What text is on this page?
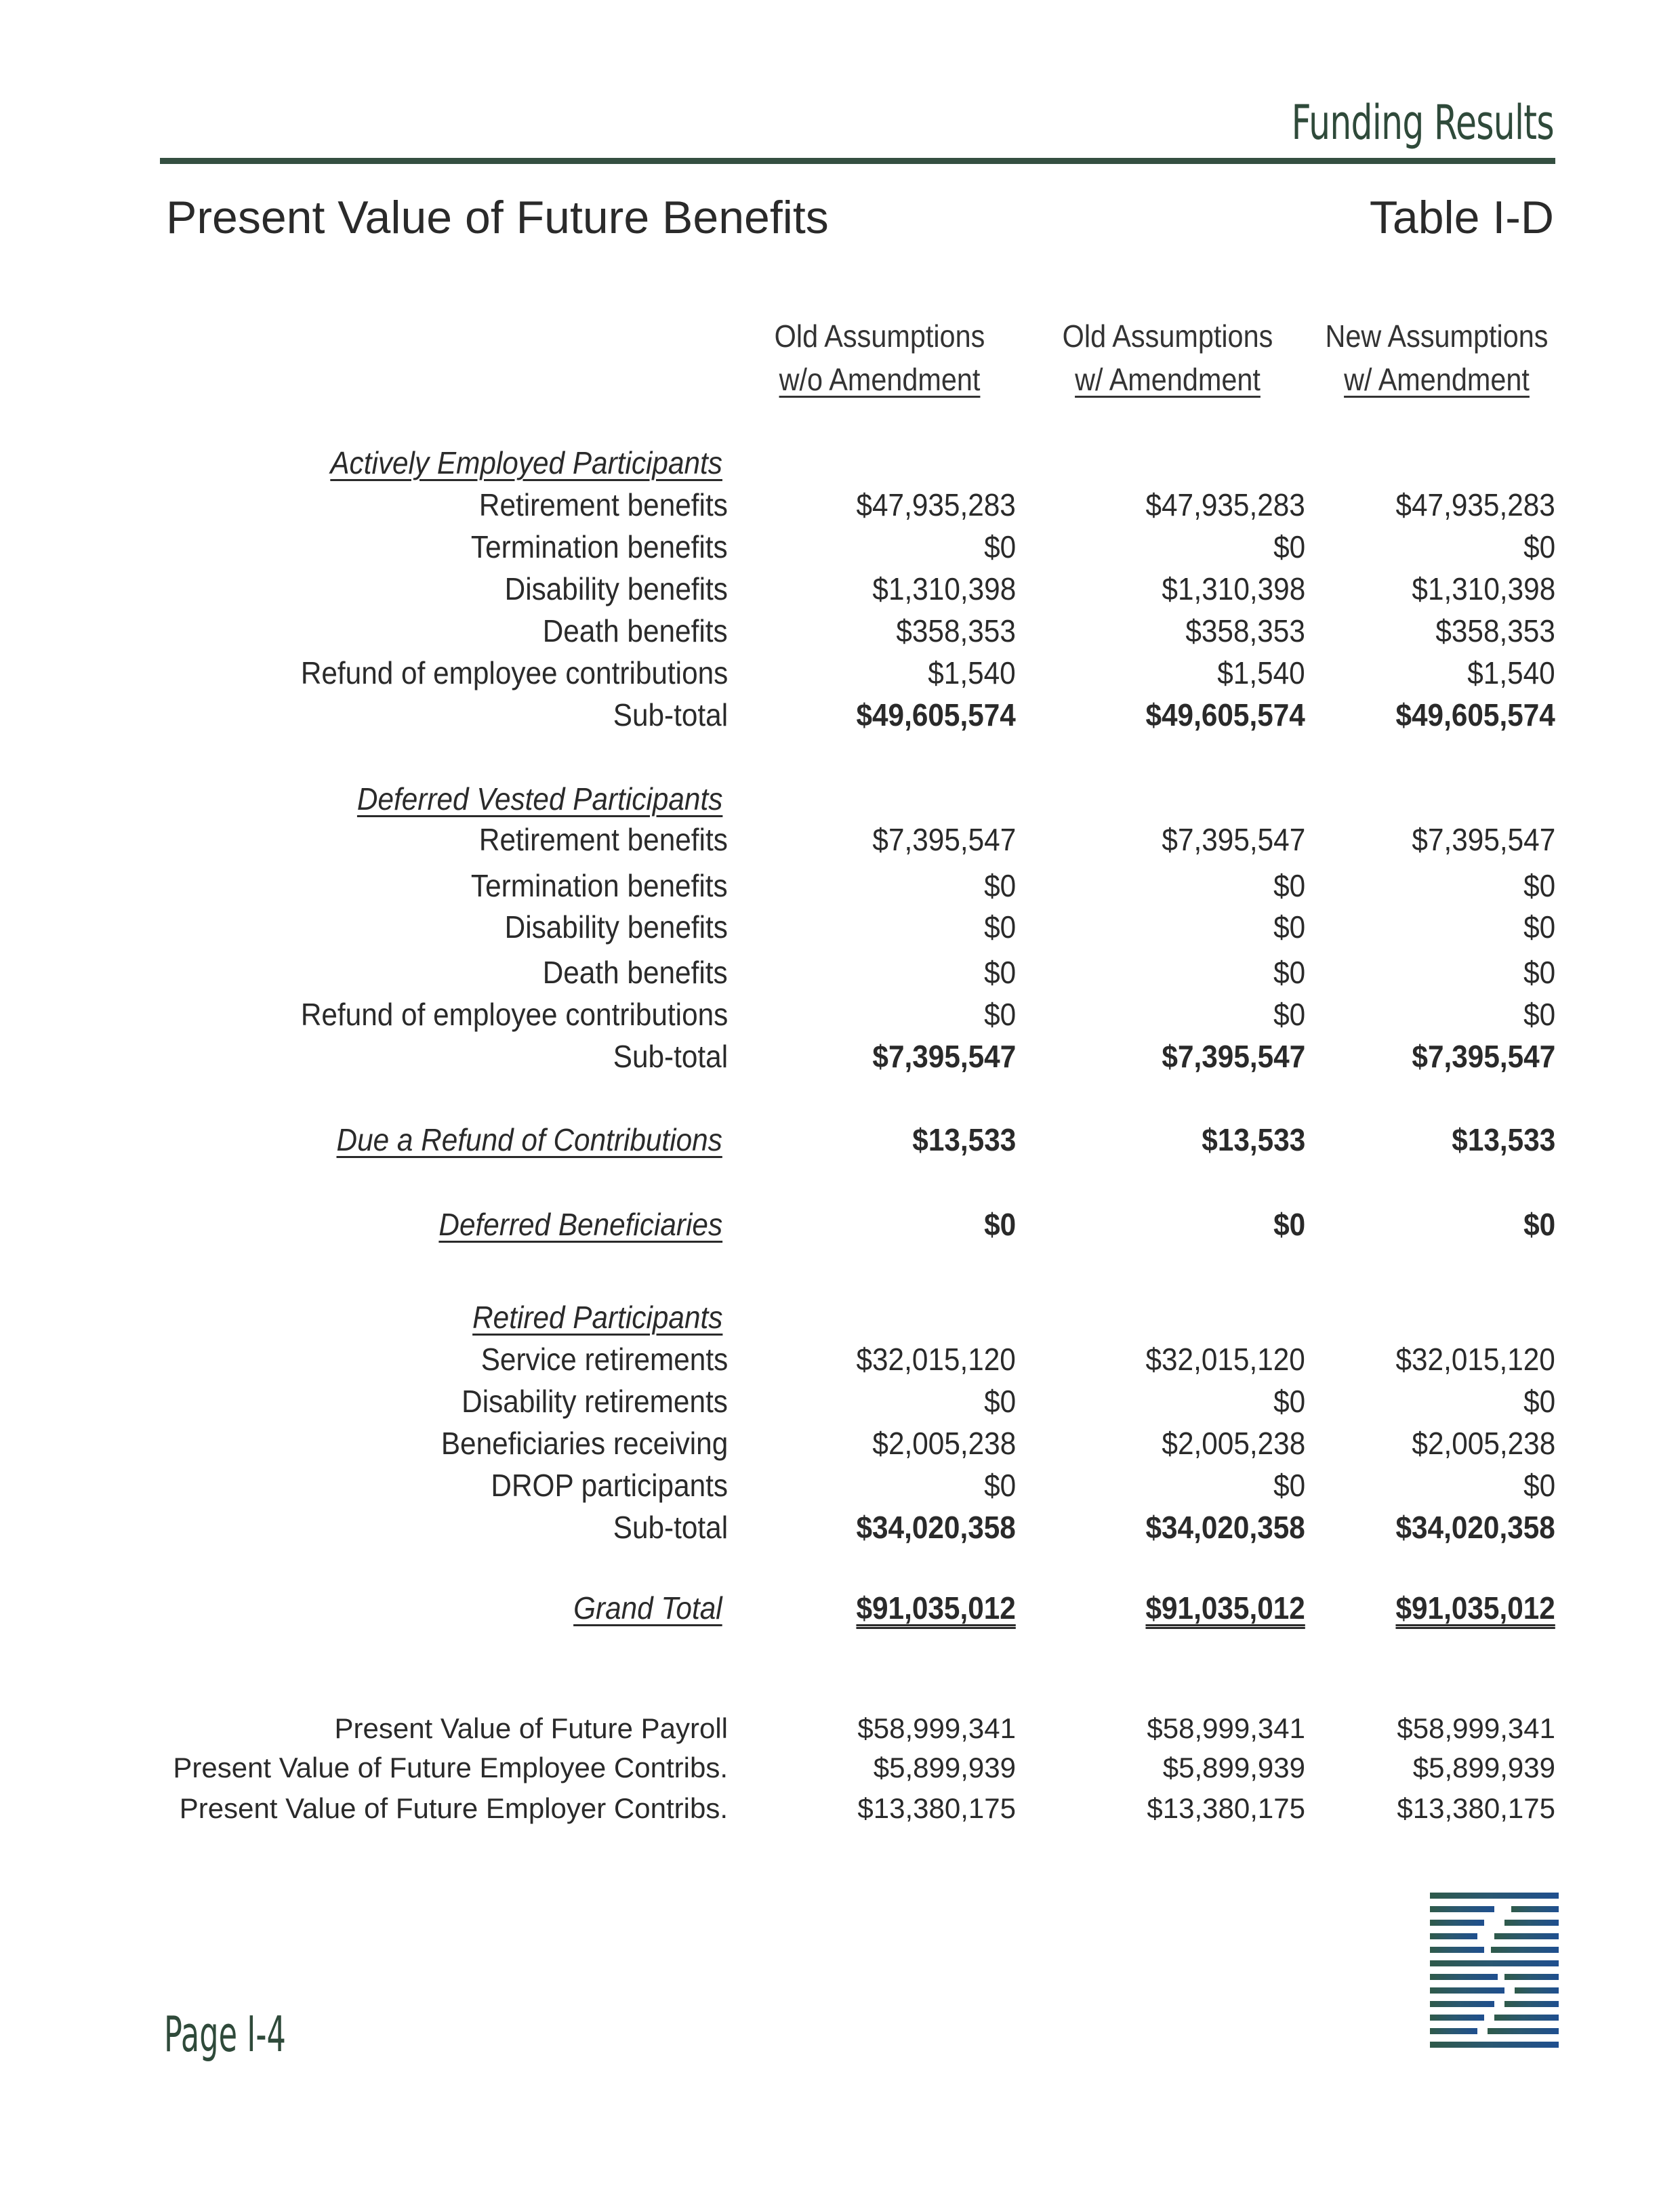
Funding Results
Present Value of Future Benefits	Table I-D
Old Assumptions
w/o Amendment
Old Assumptions
w/ Amendment
New Assumptions
w/ Amendment
Actively Employed Participants
Retirement benefits	$47,935,283	$47,935,283	$47,935,283
Termination benefits	$0	$0	$0
Disability benefits	$1,310,398	$1,310,398	$1,310,398
Death benefits	$358,353	$358,353	$358,353
Refund of employee contributions	$1,540	$1,540	$1,540
Sub-total	$49,605,574	$49,605,574	$49,605,574
Deferred Vested Participants
Retirement benefits	$7,395,547	$7,395,547	$7,395,547
Termination benefits	$0	$0	$0
Disability benefits	$0	$0	$0
Death benefits	$0	$0	$0
Refund of employee contributions	$0	$0	$0
Sub-total	$7,395,547	$7,395,547	$7,395,547
Due a Refund of Contributions	$13,533	$13,533	$13,533
Deferred Beneficiaries	$0	$0	$0
Retired Participants
Service retirements	$32,015,120	$32,015,120	$32,015,120
Disability retirements	$0	$0	$0
Beneficiaries receiving	$2,005,238	$2,005,238	$2,005,238
DROP participants	$0	$0	$0
Sub-total	$34,020,358	$34,020,358	$34,020,358
Grand Total	$91,035,012	$91,035,012	$91,035,012
Present Value of Future Payroll	$58,999,341	$58,999,341	$58,999,341
Present Value of Future Employee Contribs.	$5,899,939	$5,899,939	$5,899,939
Present Value of Future Employer Contribs.	$13,380,175	$13,380,175	$13,380,175
Page I-4
